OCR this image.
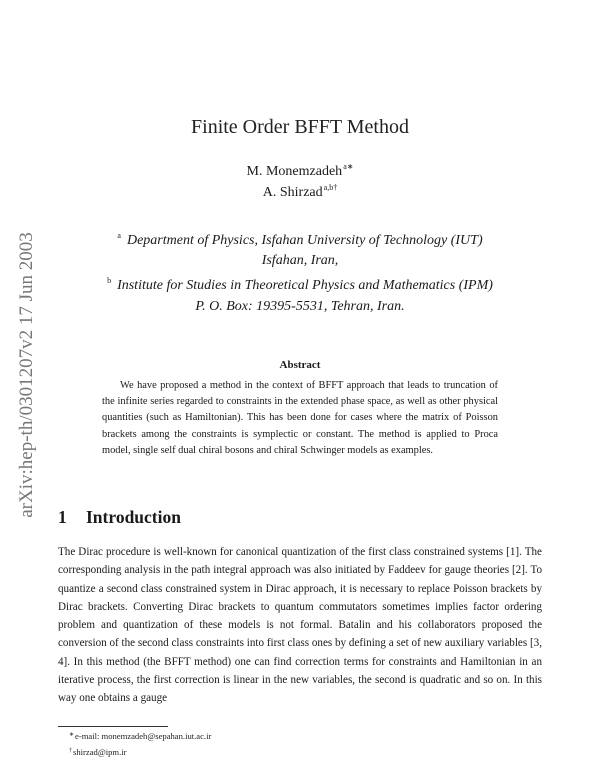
arXiv:hep-th/0301207v2 17 Jun 2003
Finite Order BFFT Method
M. Monemzadeh$^{a∗}$
A. Shirzad$^{a,b\dagger}$
$^a$ Department of Physics, Isfahan University of Technology (IUT)
Isfahan, Iran,
$^b$ Institute for Studies in Theoretical Physics and Mathematics (IPM)
P. O. Box: 19395-5531, Tehran, Iran.
Abstract

We have proposed a method in the context of BFFT approach that leads to truncation of the infinite series regarded to constraints in the extended phase space, as well as other physical quantities (such as Hamiltonian). This has been done for cases where the matrix of Poisson brackets among the constraints is symplectic or constant. The method is applied to Proca model, single self dual chiral bosons and chiral Schwinger models as examples.

1 Introduction

The Dirac procedure is well-known for canonical quantization of the first class constrained systems [1]. The corresponding analysis in the path integral approach was also initiated by Faddeev for gauge theories [2]. To quantize a second class constrained system in Dirac approach, it is necessary to replace Poisson brackets by Dirac brackets. Converting Dirac brackets to quantum commutators sometimes implies factor ordering problem and quantization of these models is not formal. Batalin and his collaborators proposed the conversion of the second class constraints into first class ones by defining a set of new auxiliary variables [3, 4]. In this method (the BFFT method) one can find correction terms for constraints and Hamiltonian in an iterative process, the first correction is linear in the new variables, the second is quadratic and so on. In this way one obtains a gauge

∗e-mail: monemzadeh@sepahan.iut.ac.ir
†shirzad@ipm.ir
